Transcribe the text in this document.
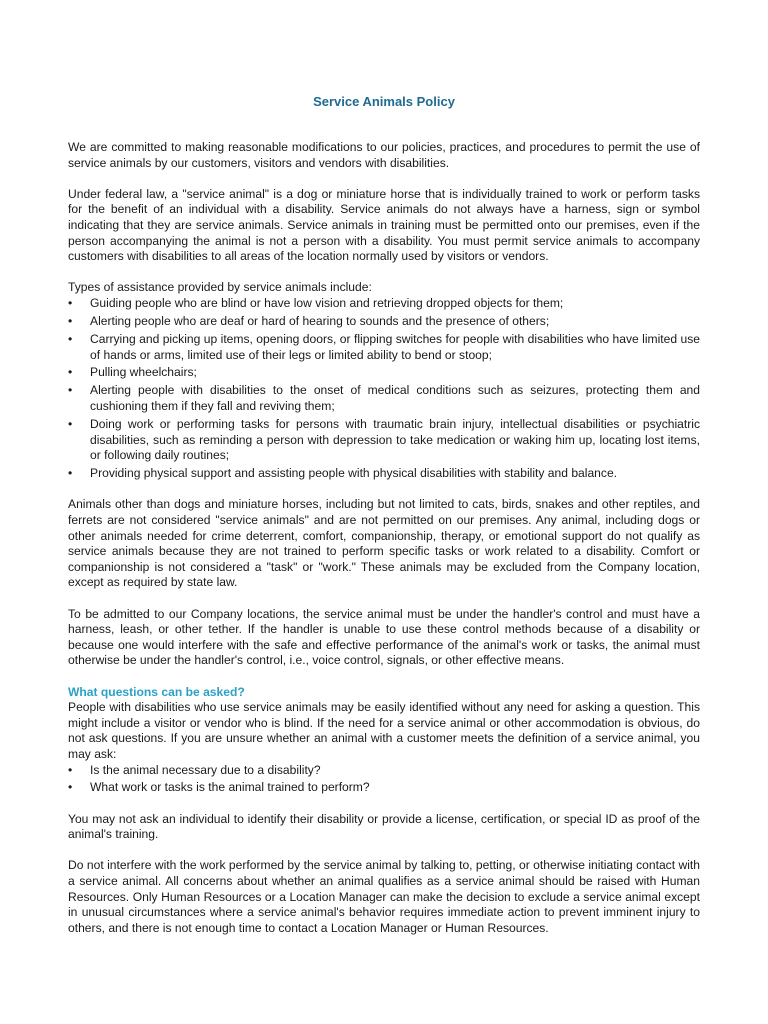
Service Animals Policy

We are committed to making reasonable modifications to our policies, practices, and procedures to permit the use of service animals by our customers, visitors and vendors with disabilities.

Under federal law, a "service animal" is a dog or miniature horse that is individually trained to work or perform tasks for the benefit of an individual with a disability. Service animals do not always have a harness, sign or symbol indicating that they are service animals. Service animals in training must be permitted onto our premises, even if the person accompanying the animal is not a person with a disability. You must permit service animals to accompany customers with disabilities to all areas of the location normally used by visitors or vendors.

Types of assistance provided by service animals include:

• Guiding people who are blind or have low vision and retrieving dropped objects for them;
• Alerting people who are deaf or hard of hearing to sounds and the presence of others;
• Carrying and picking up items, opening doors, or flipping switches for people with disabilities who have limited use of hands or arms, limited use of their legs or limited ability to bend or stoop;
• Pulling wheelchairs;
• Alerting people with disabilities to the onset of medical conditions such as seizures, protecting them and cushioning them if they fall and reviving them;
• Doing work or performing tasks for persons with traumatic brain injury, intellectual disabilities or psychiatric disabilities, such as reminding a person with depression to take medication or waking him up, locating lost items, or following daily routines;
• Providing physical support and assisting people with physical disabilities with stability and balance.

Animals other than dogs and miniature horses, including but not limited to cats, birds, snakes and other reptiles, and ferrets are not considered "service animals" and are not permitted on our premises. Any animal, including dogs or other animals needed for crime deterrent, comfort, companionship, therapy, or emotional support do not qualify as service animals because they are not trained to perform specific tasks or work related to a disability. Comfort or companionship is not considered a "task" or "work." These animals may be excluded from the Company location, except as required by state law.

To be admitted to our Company locations, the service animal must be under the handler's control and must have a harness, leash, or other tether. If the handler is unable to use these control methods because of a disability or because one would interfere with the safe and effective performance of the animal's work or tasks, the animal must otherwise be under the handler's control, i.e., voice control, signals, or other effective means.

What questions can be asked?

People with disabilities who use service animals may be easily identified without any need for asking a question. This might include a visitor or vendor who is blind. If the need for a service animal or other accommodation is obvious, do not ask questions. If you are unsure whether an animal with a customer meets the definition of a service animal, you may ask:

• Is the animal necessary due to a disability?
• What work or tasks is the animal trained to perform?

You may not ask an individual to identify their disability or provide a license, certification, or special ID as proof of the animal's training.

Do not interfere with the work performed by the service animal by talking to, petting, or otherwise initiating contact with a service animal. All concerns about whether an animal qualifies as a service animal should be raised with Human Resources. Only Human Resources or a Location Manager can make the decision to exclude a service animal except in unusual circumstances where a service animal's behavior requires immediate action to prevent imminent injury to others, and there is not enough time to contact a Location Manager or Human Resources.
